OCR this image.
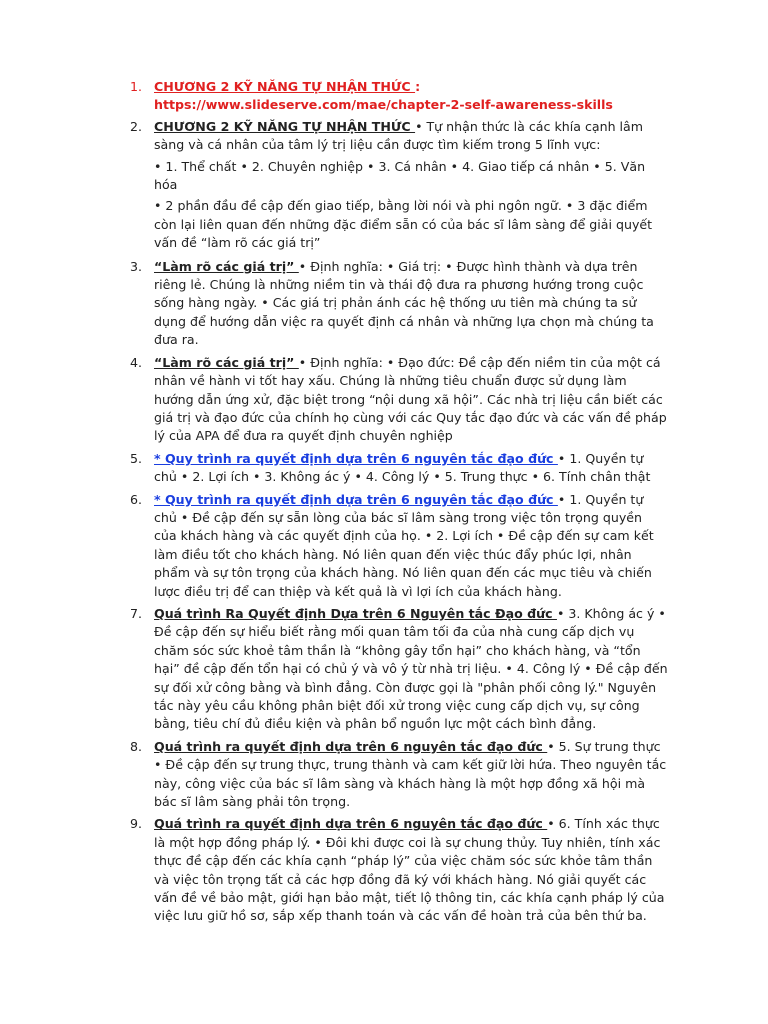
1. CHƯƠNG 2 KỸ NĂNG TỰ NHẬN THỨC :
https://www.slideserve.com/mae/chapter-2-self-awareness-skills
2. CHƯƠNG 2 KỸ NĂNG TỰ NHẬN THỨC • Tự nhận thức là các khía cạnh lâm sàng và cá nhân của tâm lý trị liệu cần được tìm kiếm trong 5 lĩnh vực:
• 1. Thể chất • 2. Chuyên nghiệp • 3. Cá nhân • 4. Giao tiếp cá nhân • 5. Văn hóa
• 2 phần đầu đề cập đến giao tiếp, bằng lời nói và phi ngôn ngữ. • 3 đặc điểm còn lại liên quan đến những đặc điểm sẵn có của bác sĩ lâm sàng để giải quyết vấn đề “làm rõ các giá trị”
3. “Làm rõ các giá trị” • Định nghĩa: • Giá trị: • Được hình thành và dựa trên riêng lẻ. Chúng là những niềm tin và thái độ đưa ra phương hướng trong cuộc sống hàng ngày. • Các giá trị phản ánh các hệ thống ưu tiên mà chúng ta sử dụng để hướng dẫn việc ra quyết định cá nhân và những lựa chọn mà chúng ta đưa ra.
4. “Làm rõ các giá trị” • Định nghĩa: • Đạo đức: Đề cập đến niềm tin của một cá nhân về hành vi tốt hay xấu. Chúng là những tiêu chuẩn được sử dụng làm hướng dẫn ứng xử, đặc biệt trong “nội dung xã hội”. Các nhà trị liệu cần biết các giá trị và đạo đức của chính họ cùng với các Quy tắc đạo đức và các vấn đề pháp lý của APA để đưa ra quyết định chuyên nghiệp
5. * Quy trình ra quyết định dựa trên 6 nguyên tắc đạo đức • 1. Quyền tự chủ • 2. Lợi ích • 3. Không ác ý • 4. Công lý • 5. Trung thực • 6. Tính chân thật
6. * Quy trình ra quyết định dựa trên 6 nguyên tắc đạo đức • 1. Quyền tự chủ • Đề cập đến sự sẵn lòng của bác sĩ lâm sàng trong việc tôn trọng quyền của khách hàng và các quyết định của họ. • 2. Lợi ích • Đề cập đến sự cam kết làm điều tốt cho khách hàng. Nó liên quan đến việc thúc đẩy phúc lợi, nhân phẩm và sự tôn trọng của khách hàng. Nó liên quan đến các mục tiêu và chiến lược điều trị để can thiệp và kết quả là vì lợi ích của khách hàng.
7. Quá trình Ra Quyết định Dựa trên 6 Nguyên tắc Đạo đức • 3. Không ác ý • Đề cập đến sự hiểu biết rằng mối quan tâm tối đa của nhà cung cấp dịch vụ chăm sóc sức khoẻ tâm thần là “không gây tổn hại” cho khách hàng, và “tổn hại” đề cập đến tổn hại có chủ ý và vô ý từ nhà trị liệu. • 4. Công lý • Đề cập đến sự đối xử công bằng và bình đẳng. Còn được gọi là "phân phối công lý." Nguyên tắc này yêu cầu không phân biệt đối xử trong việc cung cấp dịch vụ, sự công bằng, tiêu chí đủ điều kiện và phân bổ nguồn lực một cách bình đẳng.
8. Quá trình ra quyết định dựa trên 6 nguyên tắc đạo đức • 5. Sự trung thực • Đề cập đến sự trung thực, trung thành và cam kết giữ lời hứa. Theo nguyên tắc này, công việc của bác sĩ lâm sàng và khách hàng là một hợp đồng xã hội mà bác sĩ lâm sàng phải tôn trọng.
9. Quá trình ra quyết định dựa trên 6 nguyên tắc đạo đức • 6. Tính xác thực là một hợp đồng pháp lý. • Đôi khi được coi là sự chung thủy. Tuy nhiên, tính xác thực đề cập đến các khía cạnh “pháp lý” của việc chăm sóc sức khỏe tâm thần và việc tôn trọng tất cả các hợp đồng đã ký với khách hàng. Nó giải quyết các vấn đề về bảo mật, giới hạn bảo mật, tiết lộ thông tin, các khía cạnh pháp lý của việc lưu giữ hồ sơ, sắp xếp thanh toán và các vấn đề hoàn trả của bên thứ ba.
